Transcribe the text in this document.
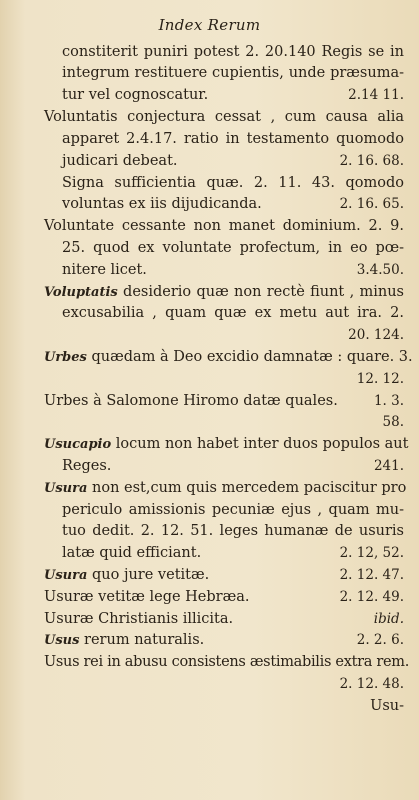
Index Rerum
constiterit puniri potest 2. 20.140 Regis se in
integrum restituere cupientis, unde præsuma-
tur vel cognoscatur.	2.14 11.
Voluntatis conjectura cessat , cum causa alia
apparet 2.4.17. ratio in testamento quomodo
judicari debeat.	2. 16. 68.
Signa sufficientia quæ. 2. 11. 43. qomodo
voluntas ex iis dijudicanda.	2. 16. 65.
Voluntate cessante non manet dominium. 2. 9.
25. quod ex voluntate profectum, in eo pœ-
nitere licet.	3.4.50.
Voluptatis desiderio quæ non rectè fiunt , minus
excusabilia , quam quæ ex metu aut ira. 2.
20. 124.
Urbes quædam à Deo excidio damnatæ : quare. 3.
12. 12.
Urbes à Salomone Hiromo datæ quales.	1. 3.
58.
Usucapio locum non habet inter duos populos aut
Reges.	241.
Usura non est,cum quis mercedem paciscitur pro
periculo amissionis pecuniæ ejus , quam mu-
tuo dedit. 2. 12. 51. leges humanæ de usuris
latæ quid efficiant.	2. 12, 52.
Usura quo jure vetitæ.	2. 12. 47.
Usuræ vetitæ lege Hebræa.	2. 12. 49.
Usuræ Christianis illicita.	ibid.
Usus rerum naturalis.	2. 2. 6.
Usus rei in abusu consistens æstimabilis extra rem.
2. 12. 48.
Usu-
